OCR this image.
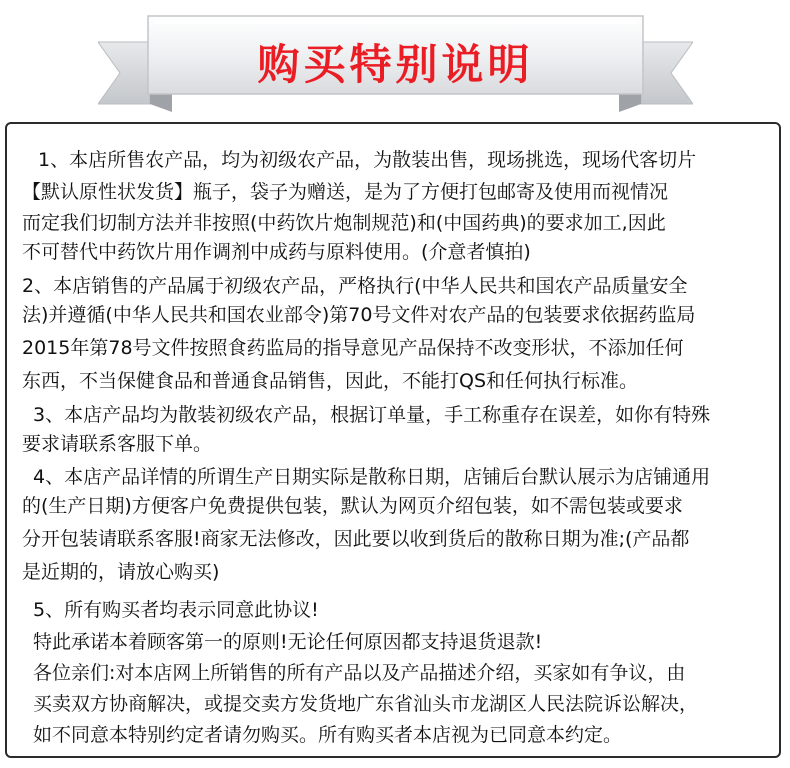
购买特别说明
1、本店所售农产品，均为初级农产品，为散装出售，现场挑选，现场代客切片
【默认原性状发货】瓶子，袋子为赠送，是为了方便打包邮寄及使用而视情况
而定我们切制方法并非按照(中药饮片炮制规范)和(中国药典)的要求加工,因此
不可替代中药饮片用作调剂中成药与原料使用。(介意者慎拍)
2、本店销售的产品属于初级农产品，严格执行(中华人民共和国农产品质量安全
法)并遵循(中华人民共和国农业部令)第70号文件对农产品的包装要求依据药监局
2015年第78号文件按照食药监局的指导意见产品保持不改变形状，不添加任何
东西，不当保健食品和普通食品销售，因此，不能打QS和任何执行标准。
3、本店产品均为散装初级农产品，根据订单量，手工称重存在误差，如你有特殊
要求请联系客服下单。
4、本店产品详情的所谓生产日期实际是散称日期，店铺后台默认展示为店铺通用
的(生产日期)方便客户免费提供包装，默认为网页介绍包装，如不需包装或要求
分开包装请联系客服!商家无法修改，因此要以收到货后的散称日期为准;(产品都
是近期的，请放心购买)
5、所有购买者均表示同意此协议!
特此承诺本着顾客第一的原则!无论任何原因都支持退货退款!
各位亲们:对本店网上所销售的所有产品以及产品描述介绍，买家如有争议，由
买卖双方协商解决，或提交卖方发货地广东省汕头市龙湖区人民法院诉讼解决，
如不同意本特别约定者请勿购买。所有购买者本店视为已同意本约定。
